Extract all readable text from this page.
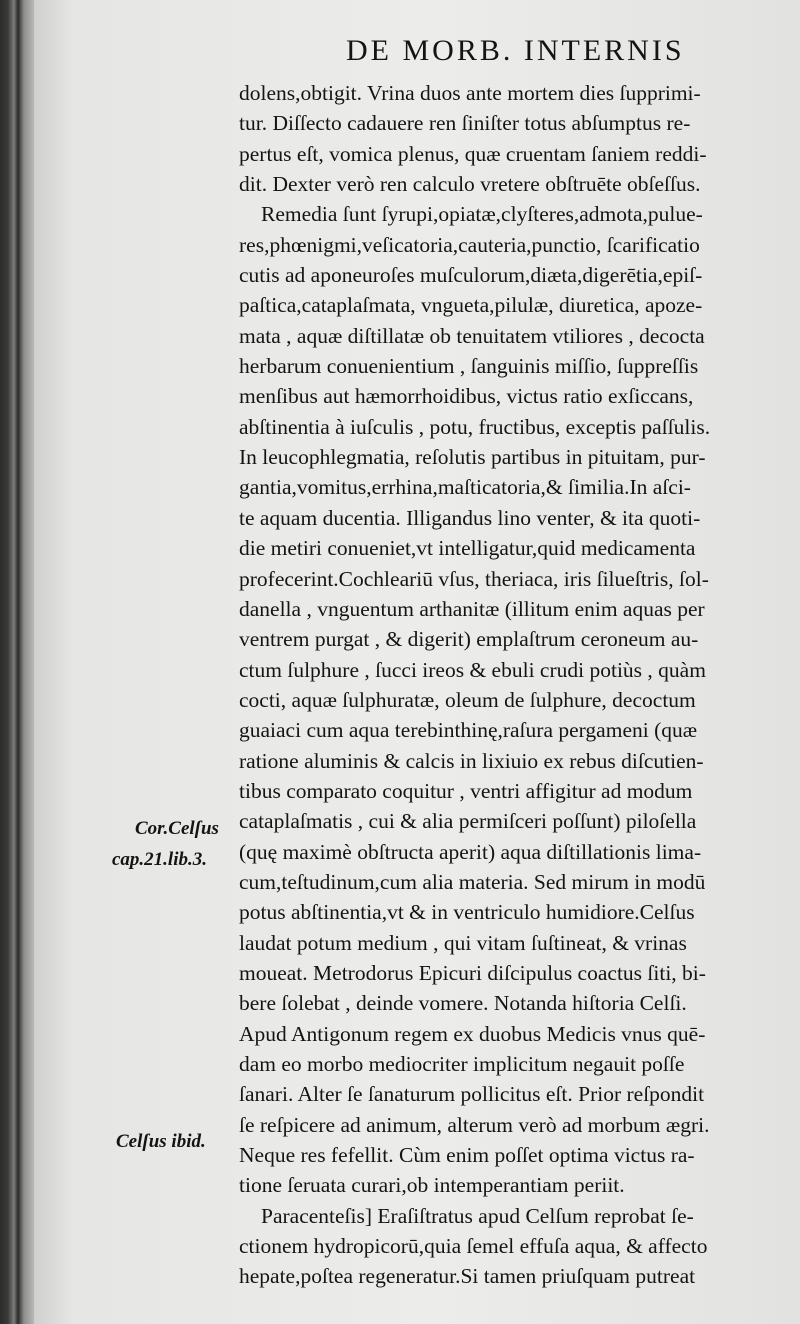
DE MORB. INTERNIS
Cor.Celſus
cap.21.lib.3.
Celſus ibid.
dolens,obtigit. Vrina duos ante mortem dies ſupprimi-
tur. Diſſecto cadauere ren ſiniſter totus abſumptus re-
pertus eſt, vomica plenus, quæ cruentam ſaniem reddi-
dit. Dexter verò ren calculo vretere obſtruēte obſeſſus.
Remedia ſunt ſyrupi,opiatæ,clyſteres,admota,pulue-
res,phœnigmi,veſicatoria,cauteria,punctio, ſcarificatio
cutis ad aponeuroſes muſculorum,diæta,digerētia,epiſ-
paſtica,cataplaſmata, vngueta,pilulæ, diuretica, apoze-
mata , aquæ diſtillatæ ob tenuitatem vtiliores , decocta
herbarum conuenientium , ſanguinis miſſio, ſuppreſſis
menſibus aut hæmorrhoidibus, victus ratio exſiccans,
abſtinentia à iuſculis , potu, fructibus, exceptis paſſulis.
In leucophlegmatia, reſolutis partibus in pituitam, pur-
gantia,vomitus,errhina,maſticatoria,& ſimilia.In aſci-
te aquam ducentia. Illigandus lino venter, & ita quoti-
die metiri conueniet,vt intelligatur,quid medicamenta
profecerint.Cochleariū vſus, theriaca, iris ſilueſtris, ſol-
danella , vnguentum arthanitæ (illitum enim aquas per
ventrem purgat , & digerit) emplaſtrum ceroneum au-
ctum ſulphure , ſucci ireos & ebuli crudi potiùs , quàm
cocti, aquæ ſulphuratæ, oleum de ſulphure, decoctum
guaiaci cum aqua terebinthinę,raſura pergameni (quæ
ratione aluminis & calcis in lixiuio ex rebus diſcutien-
tibus comparato coquitur , ventri affigitur ad modum
cataplaſmatis , cui & alia permiſceri poſſunt) piloſella
(quę maximè obſtructa aperit) aqua diſtillationis lima-
cum,teſtudinum,cum alia materia. Sed mirum in modū
potus abſtinentia,vt & in ventriculo humidiore.Celſus
laudat potum medium , qui vitam ſuſtineat, & vrinas
moueat. Metrodorus Epicuri diſcipulus coactus ſiti, bi-
bere ſolebat , deinde vomere. Notanda hiſtoria Celſi.
Apud Antigonum regem ex duobus Medicis vnus quē-
dam eo morbo mediocriter implicitum negauit poſſe
ſanari. Alter ſe ſanaturum pollicitus eſt. Prior reſpondit
ſe reſpicere ad animum, alterum verò ad morbum ægri.
Neque res fefellit. Cùm enim poſſet optima victus ra-
tione ſeruata curari,ob intemperantiam periit.
Paracenteſis] Eraſiſtratus apud Celſum reprobat ſe-
ctionem hydropicorū,quia ſemel effuſa aqua, & affecto
hepate,poſtea regeneratur.Si tamen priuſquam putreat
